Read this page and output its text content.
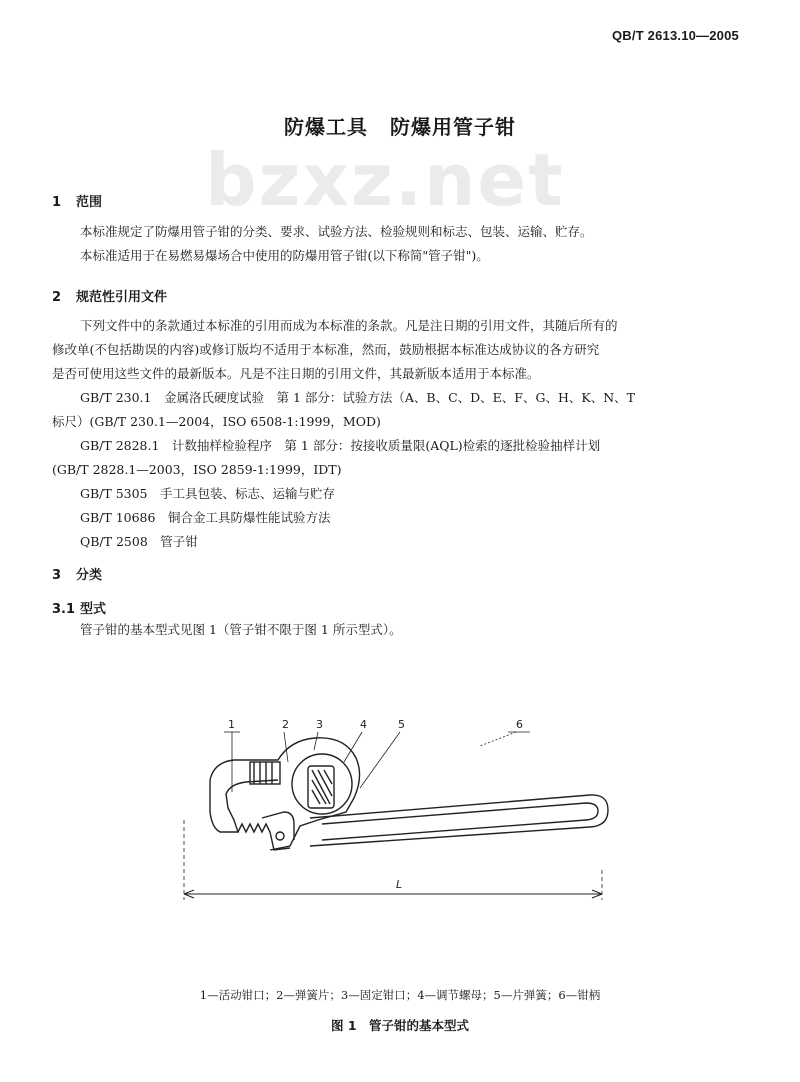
QB/T 2613.10—2005
bzxz.net
防爆工具 防爆用管子钳
1 范围
本标准规定了防爆用管子钳的分类、要求、试验方法、检验规则和标志、包装、运输、贮存。
本标准适用于在易燃易爆场合中使用的防爆用管子钳(以下称简"管子钳")。
2 规范性引用文件
下列文件中的条款通过本标准的引用而成为本标准的条款。凡是注日期的引用文件，其随后所有的
修改单(不包括勘误的内容)或修订版均不适用于本标准，然而，鼓励根据本标准达成协议的各方研究
是否可使用这些文件的最新版本。凡是不注日期的引用文件，其最新版本适用于本标准。
GB/T 230.1　金属洛氏硬度试验　第 1 部分：试验方法（A、B、C、D、E、F、G、H、K、N、T
标尺）(GB/T 230.1—2004，ISO 6508-1:1999，MOD)
GB/T 2828.1　计数抽样检验程序　第 1 部分：按接收质量限(AQL)检索的逐批检验抽样计划
(GB/T 2828.1—2003，ISO 2859-1:1999，IDT)
GB/T 5305　手工具包装、标志、运输与贮存
GB/T 10686　铜合金工具防爆性能试验方法
QB/T 2508　管子钳
3 分类
3.1 型式
管子钳的基本型式见图 1（管子钳不限于图 1 所示型式）。
1	2 3	4	5	6
L
1—活动钳口；2—弹簧片；3—固定钳口；4—调节螺母；5—片弹簧；6—钳柄
图 1　管子钳的基本型式
